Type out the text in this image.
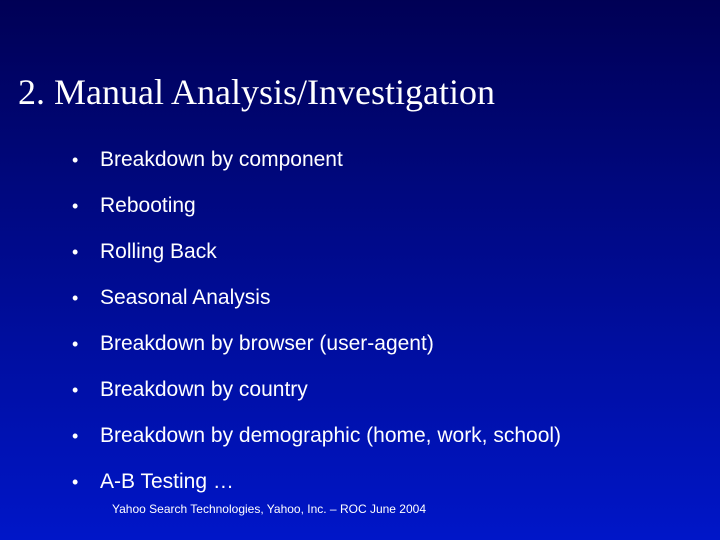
2. Manual Analysis/Investigation
•	Breakdown by component
•	Rebooting
•	Rolling Back
•	Seasonal Analysis
•	Breakdown by browser (user-agent)
•	Breakdown by country
•	Breakdown by demographic (home, work, school)
•	A-B Testing …
Yahoo Search Technologies, Yahoo, Inc. – ROC June 2004
